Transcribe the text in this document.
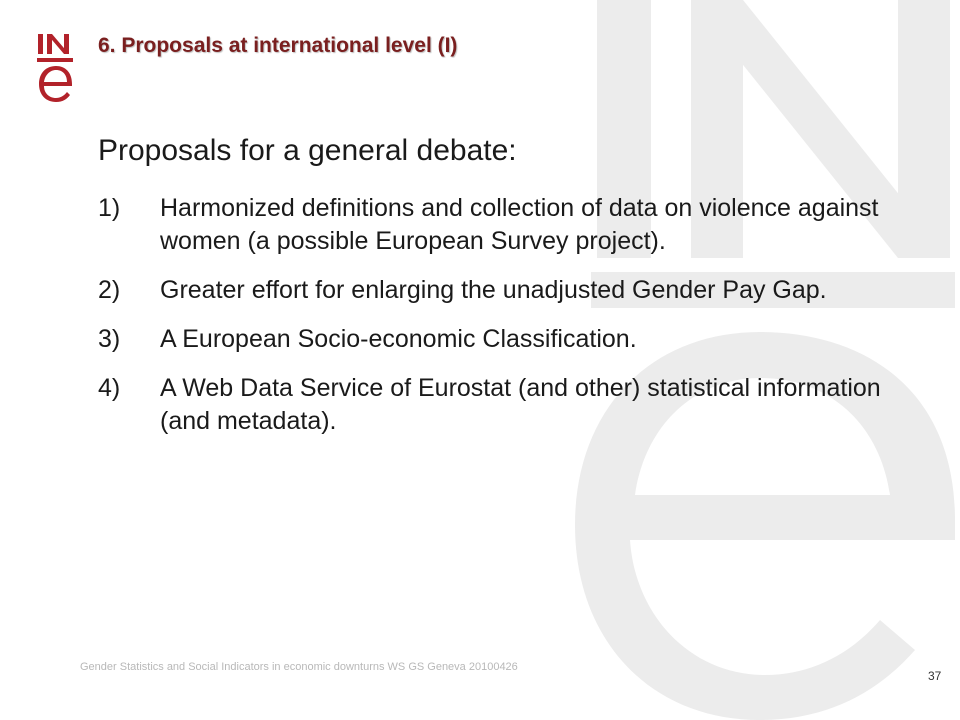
6. Proposals at international level (I)
Proposals for a general debate:
1)	Harmonized definitions and collection of data on violence against women (a possible European Survey project).
2)	Greater effort for enlarging the unadjusted Gender Pay Gap.
3)	A European Socio-economic Classification.
4)	A Web Data Service of Eurostat (and other) statistical information (and metadata).
Gender Statistics and Social Indicators in economic downturns WS GS Geneva 20100426
37
